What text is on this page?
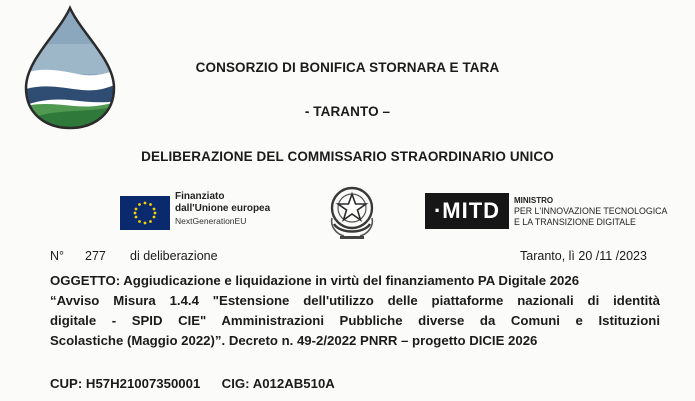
CONSORZIO DI BONIFICA STORNARA E TARA
- TARANTO –
DELIBERAZIONE DEL COMMISSARIO STRAORDINARIO UNICO
Finanziato
dall'Unione europea
NextGenerationEU	·MITD	MINISTRO
PER L'INNOVAZIONE TECNOLOGICA
E LA TRANSIZIONE DIGITALE
N° 277 di deliberazione	Taranto, lì 20 /11 /2023
OGGETTO: Aggiudicazione e liquidazione in virtù del finanziamento PA Digitale 2026
“Avviso Misura 1.4.4 "Estensione dell'utilizzo delle piattaforme nazionali di identità
digitale - SPID CIE" Amministrazioni Pubbliche diverse da Comuni e Istituzioni
Scolastiche (Maggio 2022)”. Decreto n. 49-2/2022 PNRR – progetto DICIE 2026
CUP: H57H21007350001 CIG: A012AB510A
